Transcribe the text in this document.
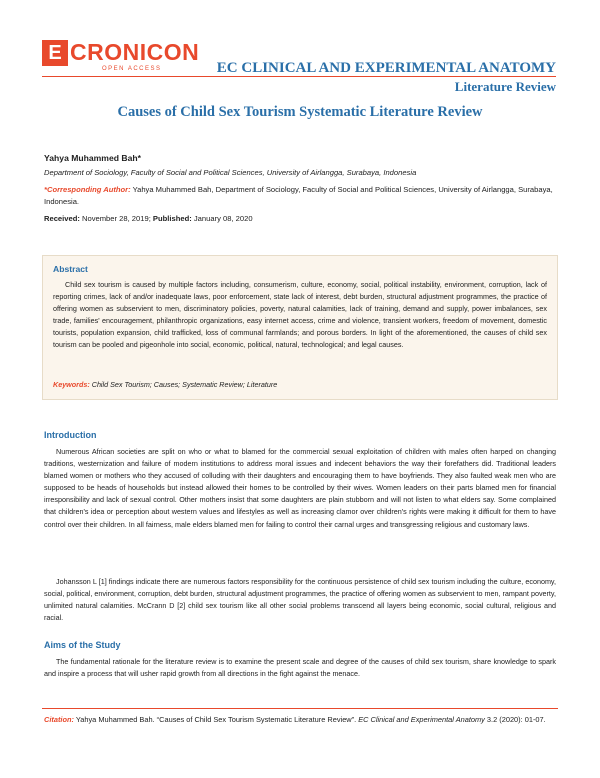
E CRONICON
OPEN ACCESS	EC CLINICAL AND EXPERIMENTAL ANATOMY
Literature Review
Causes of Child Sex Tourism Systematic Literature Review
Yahya Muhammed Bah*
Department of Sociology, Faculty of Social and Political Sciences, University of Airlangga, Surabaya, Indonesia
*Corresponding Author: Yahya Muhammed Bah, Department of Sociology, Faculty of Social and Political Sciences, University of Airlangga, Surabaya, Indonesia.
Received: November 28, 2019; Published: January 08, 2020
Abstract
Child sex tourism is caused by multiple factors including, consumerism, culture, economy, social, political instability, environment, corruption, lack of reporting crimes, lack of and/or inadequate laws, poor enforcement, state lack of interest, debt burden, structural adjustment programmes, the practice of offering women as subservient to men, discriminatory policies, poverty, natural calamities, lack of training, demand and supply, power imbalances, sex trade, families' encouragement, philanthropic organizations, easy internet access, crime and violence, transient workers, freedom of movement, domestic tourists, population expansion, child trafficked, loss of communal farmlands; and porous borders. In light of the aforementioned, the causes of child sex tourism can be pooled and pigeonhole into social, economic, political, natural, technological; and legal causes.
Keywords: Child Sex Tourism; Causes; Systematic Review; Literature
Introduction
Numerous African societies are split on who or what to blamed for the commercial sexual exploitation of children with males often harped on changing traditions, westernization and failure of modern institutions to address moral issues and indecent behaviors the way their forefathers did. Traditional leaders blamed women or mothers who they accused of colluding with their daughters and encouraging them to have boyfriends. They also faulted weak men who are supposed to be heads of households but instead allowed their homes to be controlled by their wives. Women leaders on their parts blamed men for financial irresponsibility and lack of sexual control. Other mothers insist that some daughters are plain stubborn and will not listen to what elders say. Some complained that children's idea or perception about western values and lifestyles as well as increasing clamor over children's rights were making it difficult for them to have control over their children. In all fairness, male elders blamed men for failing to control their carnal urges and transgressing religious and customary laws.
Johansson L [1] findings indicate there are numerous factors responsibility for the continuous persistence of child sex tourism including the culture, economy, social, political, environment, corruption, debt burden, structural adjustment programmes, the practice of offering women as subservient to men, rampant poverty, unlimited natural calamities. McCrann D [2] child sex tourism like all other social problems transcend all layers being economic, social cultural, religious and racial.
Aims of the Study
The fundamental rationale for the literature review is to examine the present scale and degree of the causes of child sex tourism, share knowledge to spark and inspire a process that will usher rapid growth from all directions in the fight against the menace.
Citation: Yahya Muhammed Bah. “Causes of Child Sex Tourism Systematic Literature Review”. EC Clinical and Experimental Anatomy 3.2 (2020): 01-07.
